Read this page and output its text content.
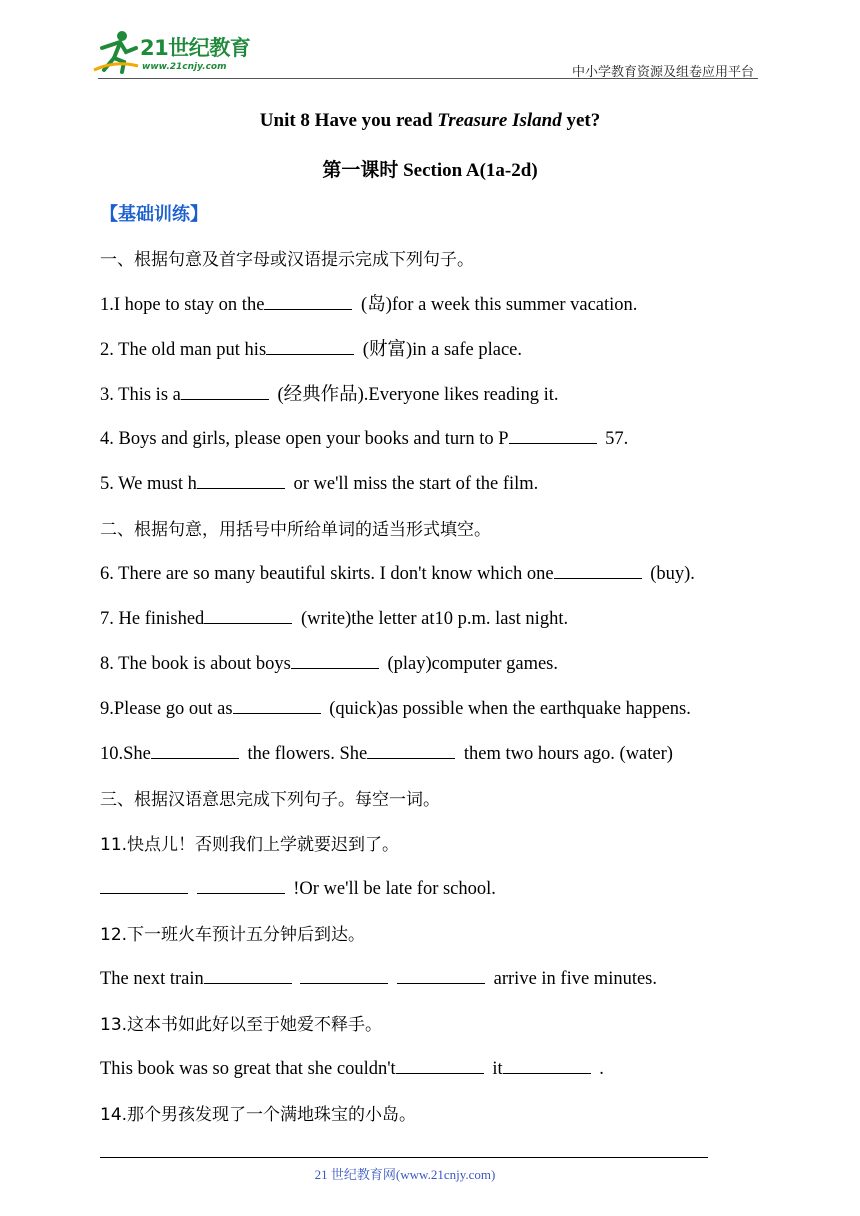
21世纪教育
www.21cnjy.com	中小学教育资源及组卷应用平台
Unit 8 Have you read Treasure Island yet?
第一课时 Section A(1a-2d)
【基础训练】
一、根据句意及首字母或汉语提示完成下列句子。
1.I hope to stay on the	(岛)for a week this summer vacation.
2. The old man put his	(财富)in a safe place.
3. This is a	(经典作品).Everyone likes reading it.
4. Boys and girls, please open your books and turn to P	57.
5. We must h	or we'll miss the start of the film.
二、根据句意，用括号中所给单词的适当形式填空。
6. There are so many beautiful skirts. I don't know which one	(buy).
7. He finished	(write)the letter at10 p.m. last night.
8. The book is about boys	(play)computer games.
9.Please go out as	(quick)as possible when the earthquake happens.
10.She	the flowers. She	them two hours ago. (water)
三、根据汉语意思完成下列句子。每空一词。
11.快点儿！否则我们上学就要迟到了。
!Or we'll be late for school.
12.下一班火车预计五分钟后到达。
The next train	arrive in five minutes.
13.这本书如此好以至于她爱不释手。
This book was so great that she couldn't	it	.
14.那个男孩发现了一个满地珠宝的小岛。
21 世纪教育网(www.21cnjy.com)
